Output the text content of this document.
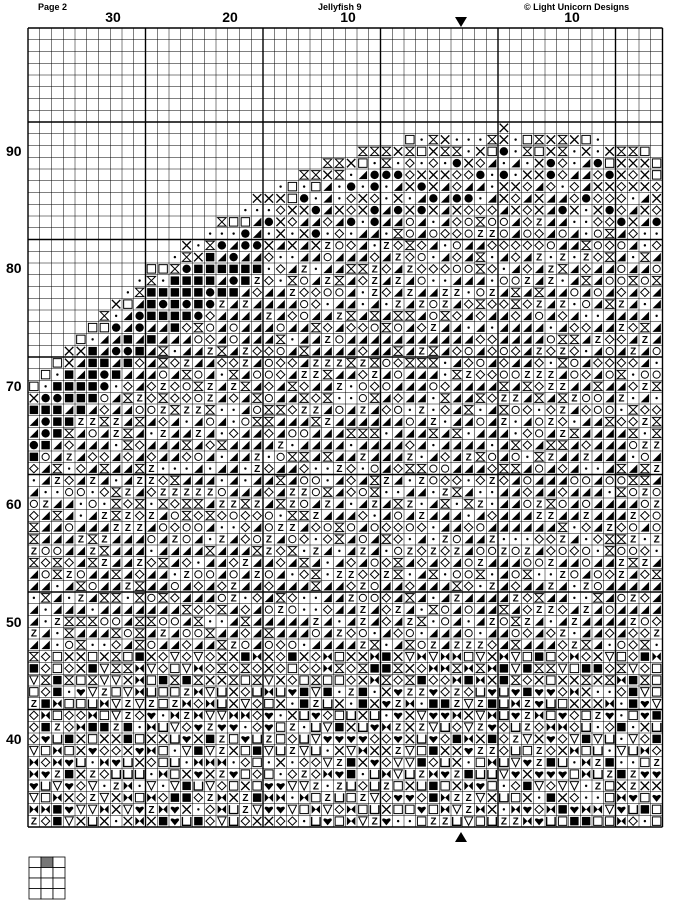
Page 2	Jellyfish 9	© Light Unicorn Designs
30	20	10	10
90
80
70
60
50
40
Z
Z Z
Z	Z
Z	Z Z Z
Z	Z	Z	Z
Z	Z	Z Z	Z Z
Z	Z	Z	Z Z	Z
Z Z	Z Z Z	Z Z	Z
Z	Z
Z	Z
Z	Z	Z
Z	Z	Z	Z Z	Z
Z	Z	Z Z Z Z
Z Z	Z	Z	Z Z Z
Z	Z Z	Z	Z Z	Z
Z	Z	Z Z	Z	Z
Z Z Z	Z Z	Z	Z	Z
Z Z Z	Z	Z	Z	Z	Z
Z	Z	Z	Z
Z	Z Z
Z	Z	Z	Z	Z	Z	Z
Z	Z	Z	Z
Z	Z	Z Z	Z	Z	Z
Z	Z Z Z Z Z	Z Z	Z	Z
Z	Z Z Z	Z	Z	Z	Z	Z	Z	Z
Z Z Z	Z	Z	Z Z	Z	Z
Z Z Z	Z Z	Z
Z Z	Z	Z	Z	Z	Z	Z	Z Z
Z	Z	Z	Z	Z	Z Z Z	Z Z
Z	Z	Z	Z	Z	Z Z
Z	Z	Z	Z Z	Z	Z	Z
Z	Z	Z	Z	Z	Z
Z	Z	Z	Z	Z	Z
Z	Z	Z	Z Z	Z
Z	Z	Z	Z	Z	Z	Z	Z
Z	Z	Z	Z	Z
Z	Z	Z Z Z Z	Z
Z	Z	Z	Z Z	Z
Z	Z Z Z	Z	Z	Z Z	Z
Z	Z	Z	Z
Z	Z	Z	Z	Z Z	Z	Z
Z	Z	Z
Z	Z	Z	Z Z	Z
Z	Z	Z	Z
Z	Z	Z	Z	Z	Z	Z Z
Z	Z Z	Z	Z	Z
Z	Z	Z	Z	Z	Z Z
Z	Z	Z
Z	Z	Z Z	Z Z
